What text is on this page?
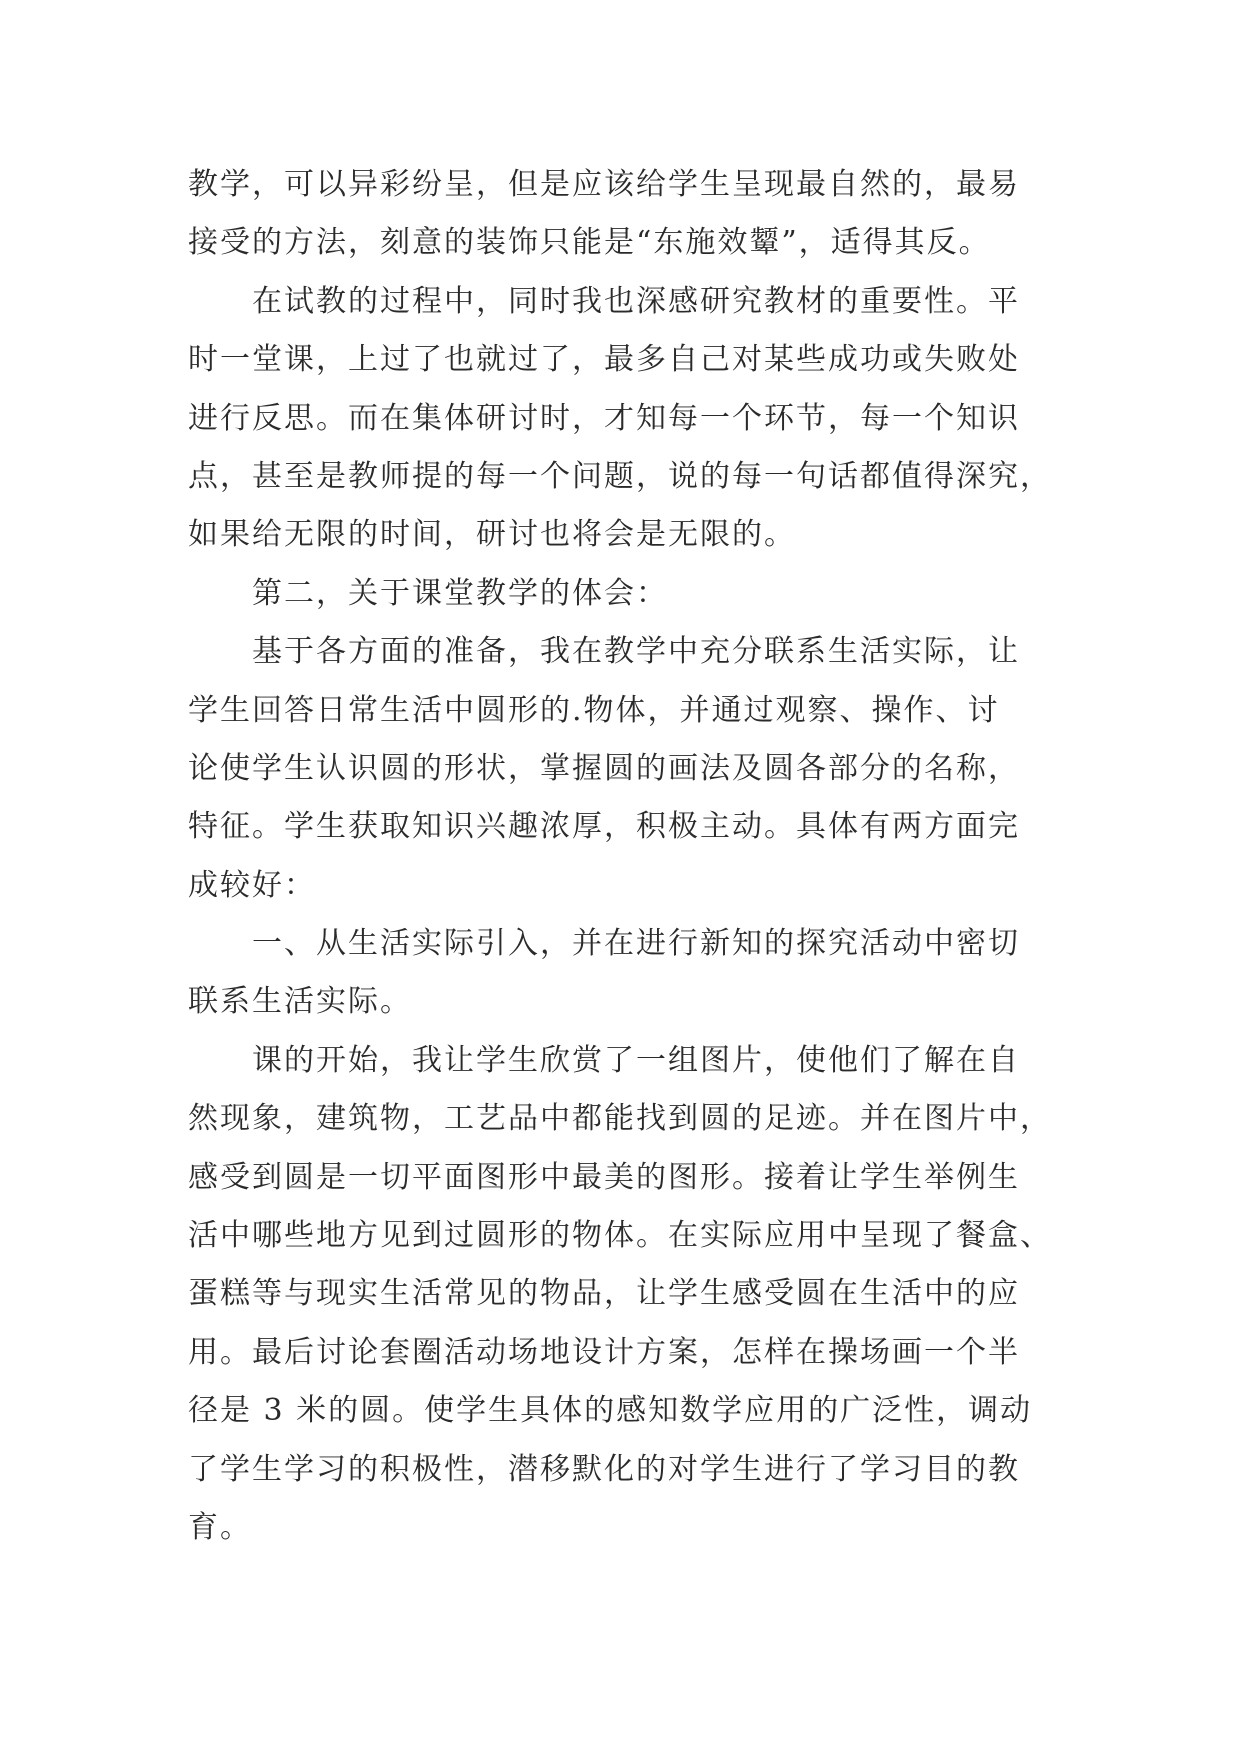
教学，可以异彩纷呈，但是应该给学生呈现最自然的，最易
接受的方法，刻意的装饰只能是“东施效颦”，适得其反。
在试教的过程中，同时我也深感研究教材的重要性。平
时一堂课，上过了也就过了，最多自己对某些成功或失败处
进行反思。而在集体研讨时，才知每一个环节，每一个知识
点，甚至是教师提的每一个问题，说的每一句话都值得深究，
如果给无限的时间，研讨也将会是无限的。
第二，关于课堂教学的体会：
基于各方面的准备，我在教学中充分联系生活实际，让
学生回答日常生活中圆形的.物体，并通过观察、操作、讨
论使学生认识圆的形状，掌握圆的画法及圆各部分的名称，
特征。学生获取知识兴趣浓厚，积极主动。具体有两方面完
成较好：
一、从生活实际引入，并在进行新知的探究活动中密切
联系生活实际。
课的开始，我让学生欣赏了一组图片，使他们了解在自
然现象，建筑物，工艺品中都能找到圆的足迹。并在图片中，
感受到圆是一切平面图形中最美的图形。接着让学生举例生
活中哪些地方见到过圆形的物体。在实际应用中呈现了餐盒、
蛋糕等与现实生活常见的物品，让学生感受圆在生活中的应
用。最后讨论套圈活动场地设计方案，怎样在操场画一个半
径是 3 米的圆。使学生具体的感知数学应用的广泛性，调动
了学生学习的积极性，潜移默化的对学生进行了学习目的教
育。
